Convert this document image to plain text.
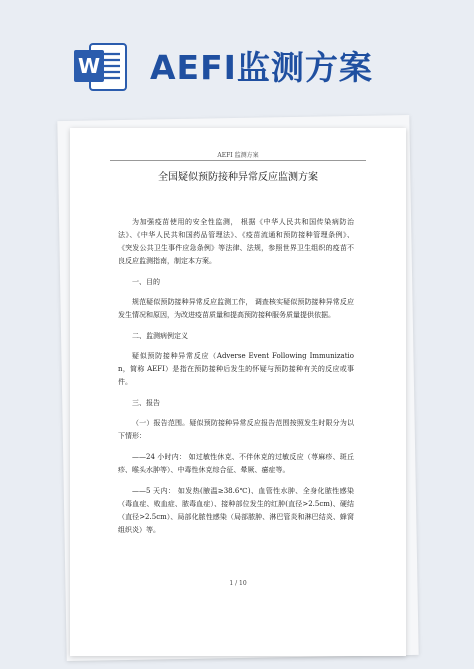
W AEFI监测方案
AEFI 监测方案
全国疑似预防接种异常反应监测方案

为加强疫苗使用的安全性监测， 根据《中华人民共和国传染病防治法》、《中华人民共和国药品管理法》、《疫苗流通和预防接种管理条例》、 《突发公共卫生事件应急条例》等法律、法规，参照世界卫生组织的疫苗不良反应监测指南，制定本方案。

一、目的

规范疑似预防接种异常反应监测工作， 调查核实疑似预防接种异常反应发生情况和原因，为改进疫苗质量和提高预防接种服务质量提供依据。

二、监测病例定义

疑似预防接种异常反应（Adverse Event Following Immunization，简称 AEFI）是指在预防接种后发生的怀疑与预防接种有关的反应或事件。

三、报告

（一）报告范围。疑似预防接种异常反应报告范围按照发生时限分为以下情形：

——24 小时内： 如过敏性休克、不伴休克的过敏反应（荨麻疹、斑丘疹、喉头水肿等）、中毒性休克综合征、晕厥、癔症等。

——5 天内： 如发热(腋温≥38.6℃)、血管性水肿、全身化脓性感染（毒血症、败血症、脓毒血症）、接种部位发生的红肿(直径>2.5cm)、硬结（直径>2.5cm）、局部化脓性感染（局部脓肿、淋巴管炎和淋巴结炎、蜂窝组织炎）等。

1 / 10
